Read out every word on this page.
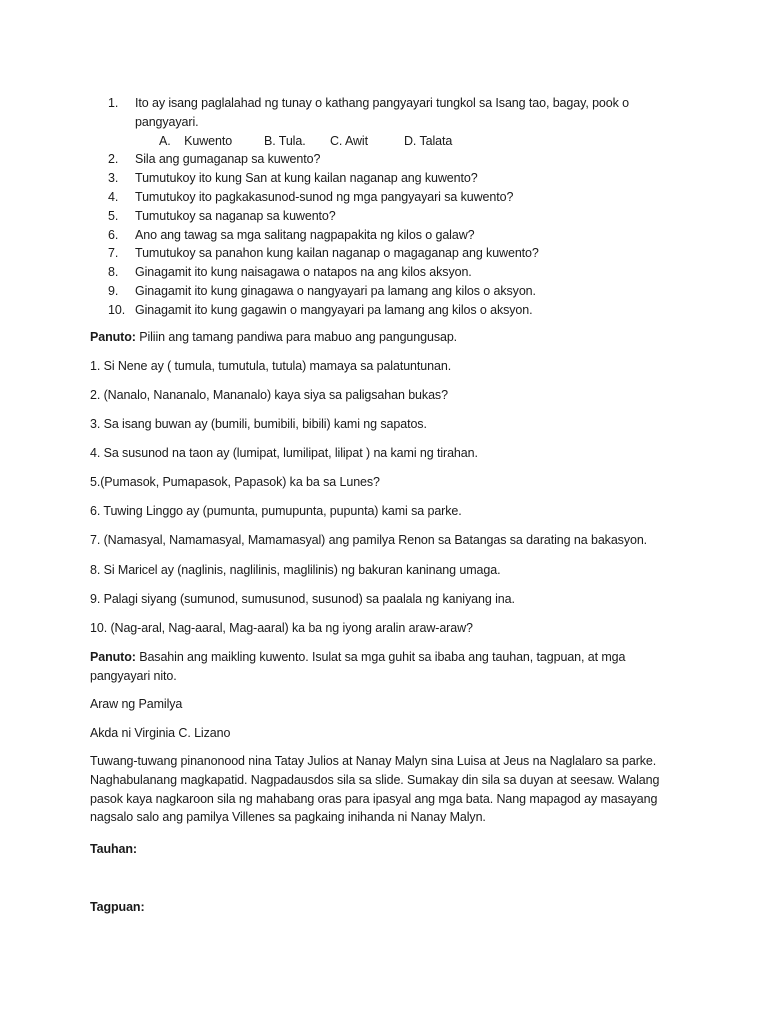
1.	Ito ay isang paglalahad ng tunay o kathang pangyayari tungkol sa Isang tao, bagay, pook o pangyayari.
A.    Kuwento	B. Tula.	C. Awit	D. Talata
2.	Sila ang gumaganap sa kuwento?
3.	Tumutukoy ito kung San at kung kailan naganap ang kuwento?
4.	Tumutukoy ito pagkakasunod-sunod ng mga pangyayari sa kuwento?
5.	Tumutukoy sa naganap sa kuwento?
6.	Ano ang tawag sa mga salitang nagpapakita ng kilos o galaw?
7.	Tumutukoy sa panahon kung kailan naganap o magaganap ang kuwento?
8.	Ginagamit ito kung naisagawa o natapos na ang kilos aksyon.
9.	Ginagamit ito kung ginagawa o nangyayari pa lamang ang kilos o aksyon.
10. Ginagamit ito kung gagawin o mangyayari pa lamang ang kilos o aksyon.
Panuto: Piliin ang tamang pandiwa para mabuo ang pangungusap.
1. Si Nene ay ( tumula, tumutula, tutula) mamaya sa palatuntunan.
2. (Nanalo, Nananalo, Mananalo) kaya siya sa paligsahan bukas?
3. Sa isang buwan ay (bumili, bumibili, bibili) kami ng sapatos.
4. Sa susunod na taon ay (lumipat, lumilipat, lilipat ) na kami ng tirahan.
5.(Pumasok, Pumapasok, Papasok) ka ba sa Lunes?
6. Tuwing Linggo ay (pumunta, pumupunta, pupunta) kami sa parke.
7. (Namasyal, Namamasyal, Mamamasyal) ang pamilya Renon sa Batangas sa darating na bakasyon.
8. Si Maricel ay (naglinis, naglilinis, maglilinis) ng bakuran kaninang umaga.
9. Palagi siyang (sumunod, sumusunod, susunod) sa paalala ng kaniyang ina.
10. (Nag-aral, Nag-aaral, Mag-aaral) ka ba ng iyong aralin araw-araw?
Panuto: Basahin ang maikling kuwento. Isulat sa mga guhit sa ibaba ang tauhan, tagpuan, at mga pangyayari nito.
Araw ng Pamilya
Akda ni Virginia C. Lizano
Tuwang-tuwang pinanonood nina Tatay Julios at Nanay Malyn sina Luisa at Jeus na Naglalaro sa parke. Naghabulanang magkapatid. Nagpadausdos sila sa slide. Sumakay din sila sa duyan at seesaw. Walang pasok kaya nagkaroon sila ng mahabang oras para ipasyal ang mga bata. Nang mapagod ay masayang nagsalo salo ang pamilya Villenes sa pagkaing inihanda ni Nanay Malyn.
Tauhan:
Tagpuan:
